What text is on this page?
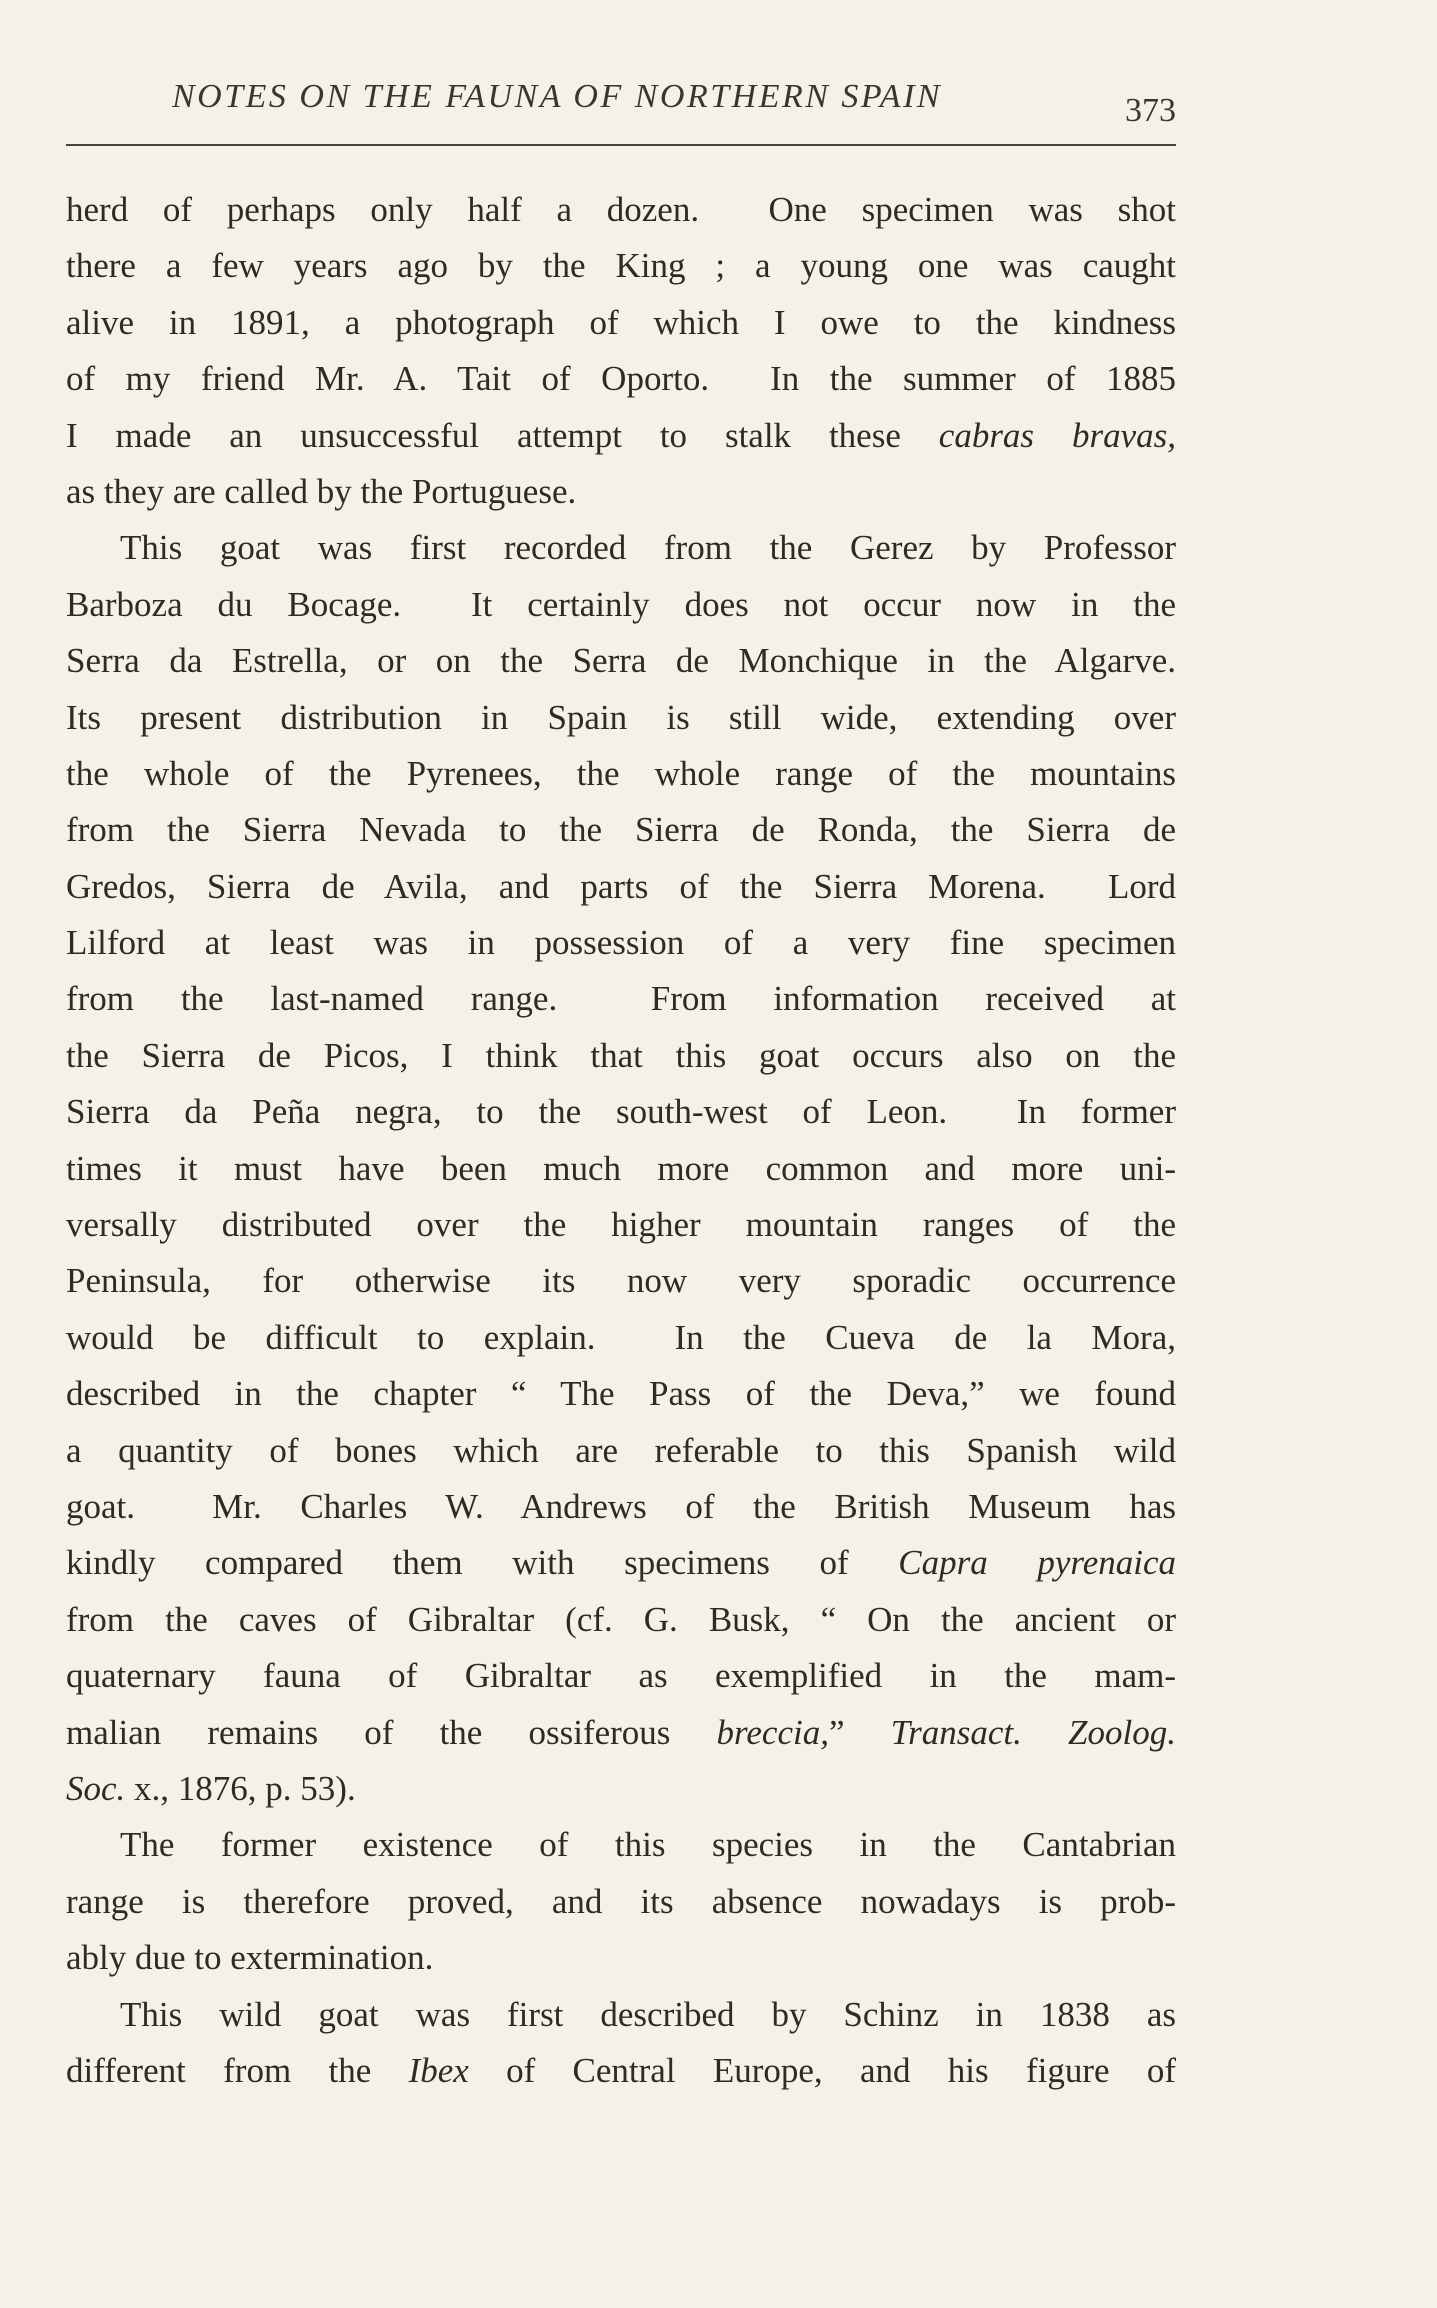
NOTES ON THE FAUNA OF NORTHERN SPAIN	373
herd of perhaps only half a dozen.  One specimen was shot
there a few years ago by the King ; a young one was caught
alive in 1891, a photograph of which I owe to the kindness
of my friend Mr. A. Tait of Oporto.  In the summer of 1885
I made an unsuccessful attempt to stalk these cabras bravas,
as they are called by the Portuguese.
This goat was first recorded from the Gerez by Professor
Barboza du Bocage.  It certainly does not occur now in the
Serra da Estrella, or on the Serra de Monchique in the Algarve.
Its present distribution in Spain is still wide, extending over
the whole of the Pyrenees, the whole range of the mountains
from the Sierra Nevada to the Sierra de Ronda, the Sierra de
Gredos, Sierra de Avila, and parts of the Sierra Morena.  Lord
Lilford at least was in possession of a very fine specimen
from the last-named range.  From information received at
the Sierra de Picos, I think that this goat occurs also on the
Sierra da Peña negra, to the south-west of Leon.  In former
times it must have been much more common and more uni-
versally distributed over the higher mountain ranges of the
Peninsula, for otherwise its now very sporadic occurrence
would be difficult to explain.  In the Cueva de la Mora,
described in the chapter “ The Pass of the Deva,” we found
a quantity of bones which are referable to this Spanish wild
goat.  Mr. Charles W. Andrews of the British Museum has
kindly compared them with specimens of Capra pyrenaica
from the caves of Gibraltar (cf. G. Busk, “ On the ancient or
quaternary fauna of Gibraltar as exemplified in the mam-
malian remains of the ossiferous breccia,” Transact. Zoolog.
Soc. x., 1876, p. 53).
The former existence of this species in the Cantabrian
range is therefore proved, and its absence nowadays is prob-
ably due to extermination.
This wild goat was first described by Schinz in 1838 as
different from the Ibex of Central Europe, and his figure of
